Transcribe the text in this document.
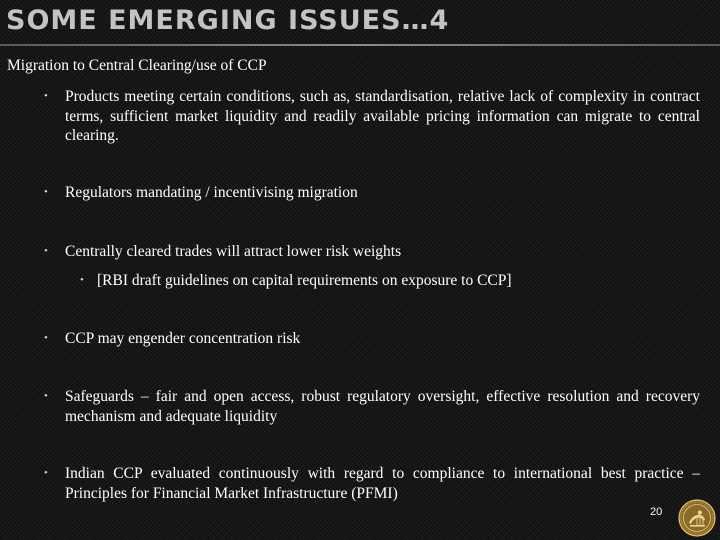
SOME EMERGING ISSUES…4

Migration to Central Clearing/use of CCP

• Products meeting certain conditions, such as, standardisation, relative lack of complexity in contract terms, sufficient market liquidity and readily available pricing information can migrate to central clearing.
• Regulators mandating / incentivising migration
• Centrally cleared trades will attract lower risk weights
• [RBI draft guidelines on capital requirements on exposure to CCP]
• CCP may engender concentration risk
• Safeguards – fair and open access, robust regulatory oversight, effective resolution and recovery mechanism and adequate liquidity
• Indian CCP evaluated continuously with regard to compliance to international best practice – Principles for Financial Market Infrastructure (PFMI)
20
